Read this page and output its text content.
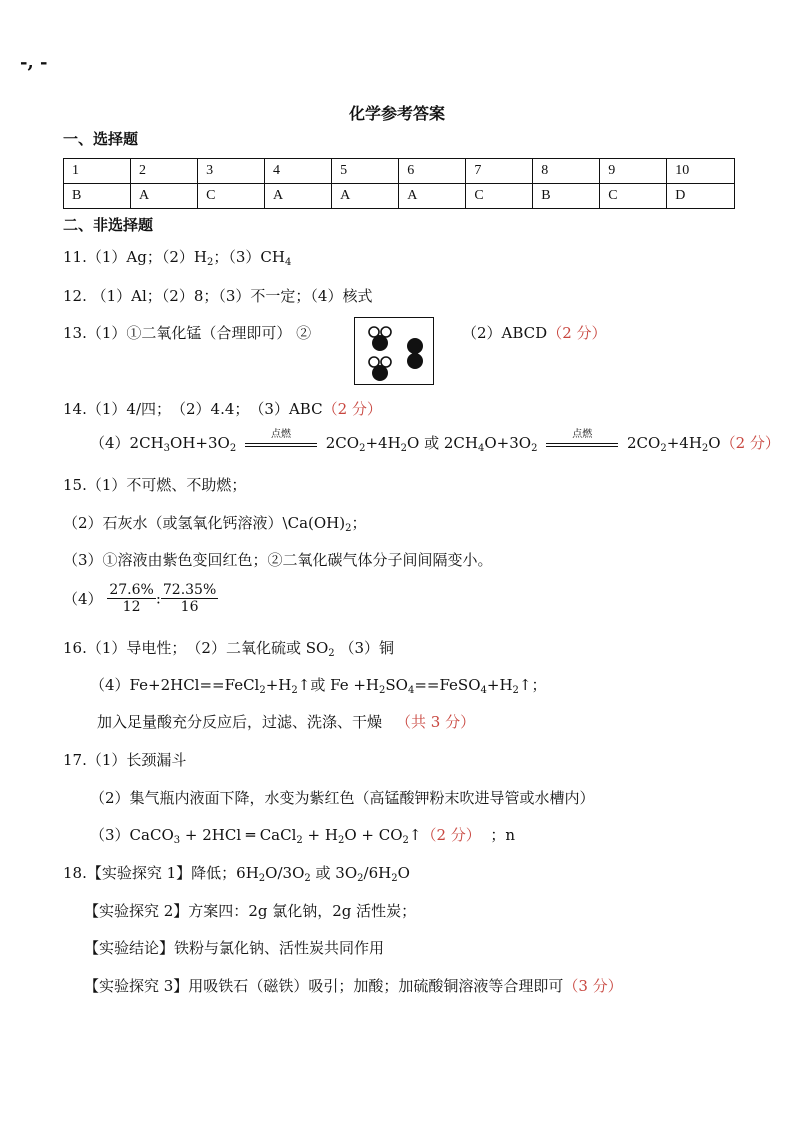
-, -
化学参考答案
一、选择题
1	2	3	4	5	6	7	8	9	10
B	A	C	A	A	A	C	B	C	D
二、非选择题
11.（1）Ag；$(2)H_2$；$(3)CH_4$
12. （1）Al；（2）8；（3）不一定；（4）核式
13.（1）①二氧化锰（合理即可） ②	（2）ABCD（2 分）
14.（1）4/四；　（2）4.4；　（3）ABC（2 分）
$(4)2CH_3OH+3O_2$
点燃	$2CO_2+4H_2O$ 或 $2CH_4O+3O_2$
点燃	$2CO_2+4H_2O(2$ 分）
15.（1）不可燃、不助燃；
（2）石灰水（或氢氧化钙溶液）$\backslash Ca(OH)_2$；
（3）①溶液由紫色变回红色；②二氧化碳气体分子间间隔变小。
$(4) \frac{27.6\%}{12}$ : $\frac{72.35\%}{16}$
16.（1）导电性；　（2）二氧化硫或 $SO_2$ （3）铜
$(4)Fe+2HCl==FeCl_2+H_2↑$或 $Fe +H_2SO_4==FeSO_4+H_2↑$；
加入足量酸充分反应后，过滤、洗涤、干燥 （共 3 分）
17.（1）长颈漏斗
（2）集气瓶内液面下降，水变为紫红色（高锰酸钾粉末吹进导管或水槽内）
（3）CaCO$_3$ + 2HCl ═ CaCl$_2$ + $H_2O$ + $CO_2↑(2$ 分） ；n
18.【实验探究 1】降低；$6H_2O/3O_2$ 或 $3O_2/6H_2O$
【实验探究 2】方案四：2g 氯化钠，2g 活性炭；
【实验结论】铁粉与氯化钠、活性炭共同作用
【实验探究 3】用吸铁石（磁铁）吸引；加酸；加硫酸铜溶液等合理即可（3 分）
